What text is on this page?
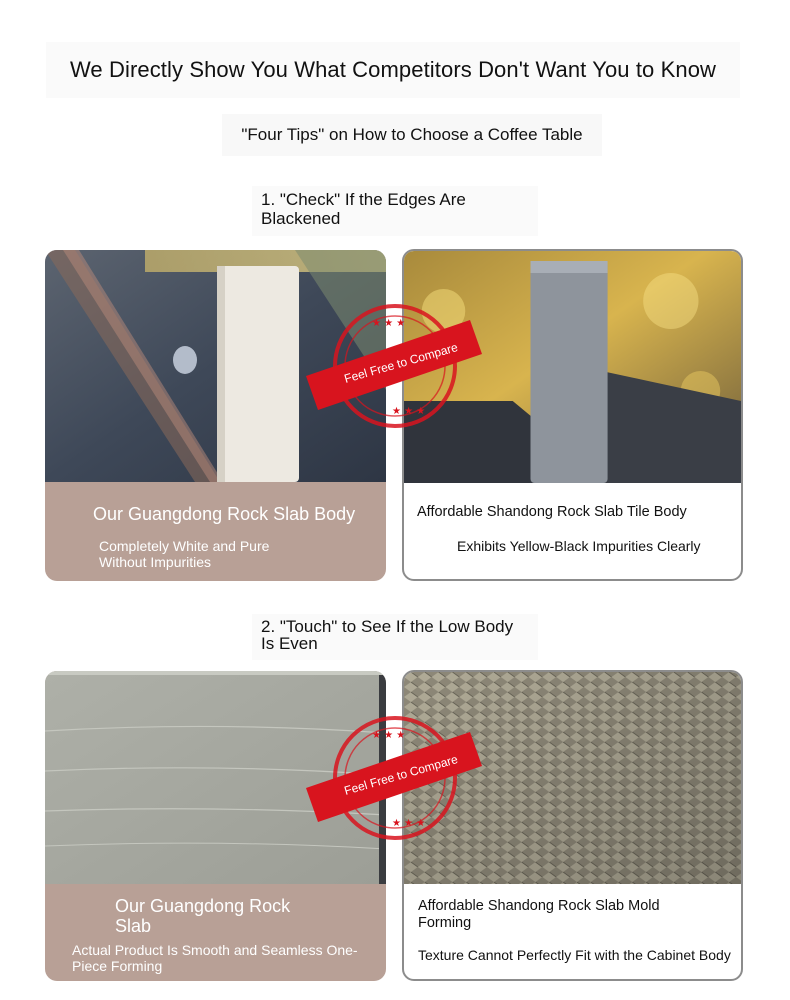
We Directly Show You What Competitors Don't Want You to Know
"Four Tips" on How to Choose a Coffee Table
1. "Check" If the Edges Are Blackened
Our Guangdong Rock Slab Body
Completely White and Pure Without Impurities
Affordable Shandong Rock Slab Tile Body
Exhibits Yellow-Black Impurities Clearly
★ ★ ★
★ ★ ★
Feel Free to Compare
2. "Touch" to See If the Low Body Is Even
Our Guangdong Rock Slab
Actual Product Is Smooth and Seamless One-Piece Forming
Affordable Shandong Rock Slab Mold Forming
Texture Cannot Perfectly Fit with the Cabinet Body
★ ★ ★
★ ★ ★
Feel Free to Compare
